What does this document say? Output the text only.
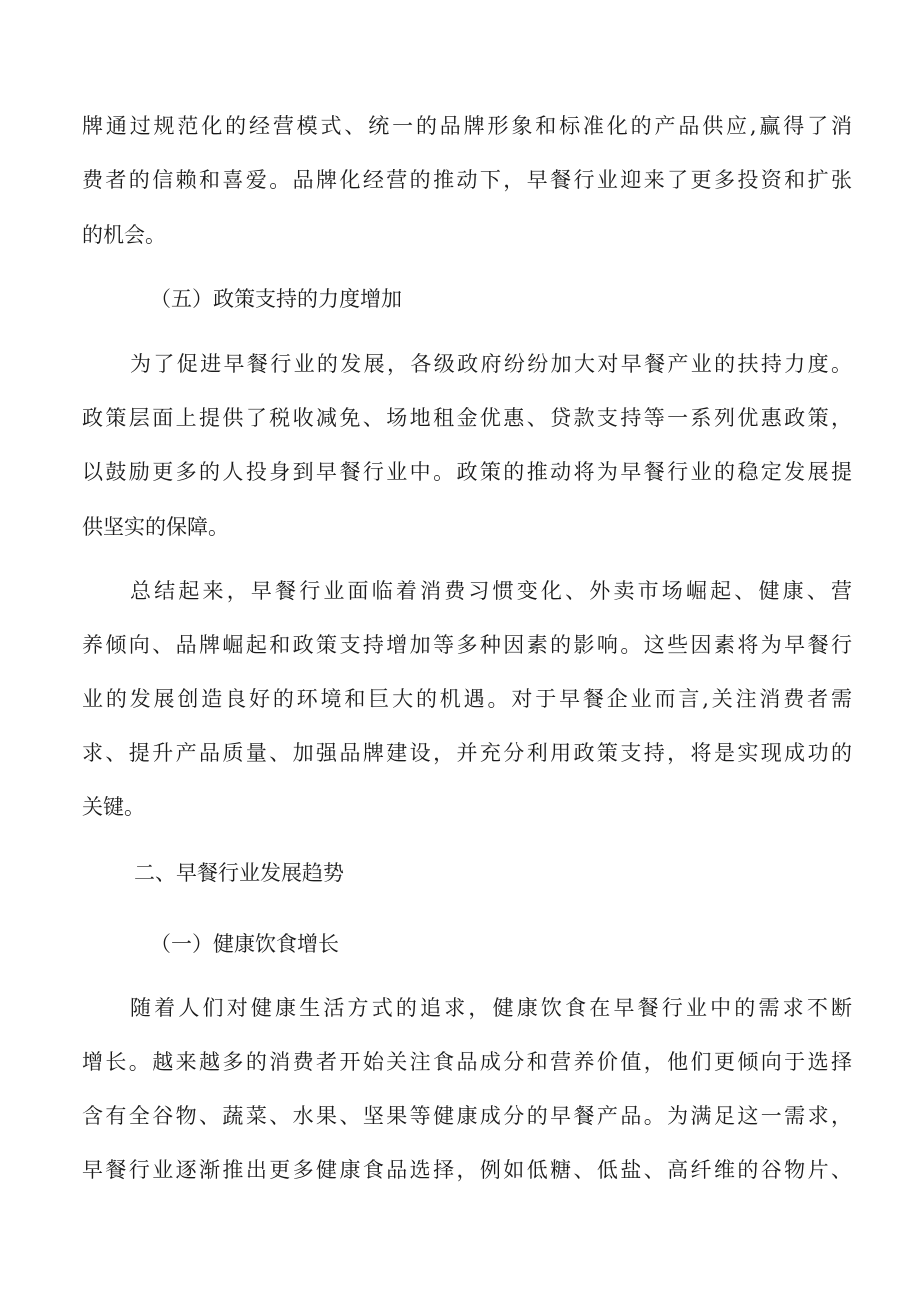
牌通过规范化的经营模式、统一的品牌形象和标准化的产品供应,赢得了消
费者的信赖和喜爱。品牌化经营的推动下，早餐行业迎来了更多投资和扩张
的机会。
（五）政策支持的力度增加
为了促进早餐行业的发展，各级政府纷纷加大对早餐产业的扶持力度。
政策层面上提供了税收减免、场地租金优惠、贷款支持等一系列优惠政策，
以鼓励更多的人投身到早餐行业中。政策的推动将为早餐行业的稳定发展提
供坚实的保障。
总结起来，早餐行业面临着消费习惯变化、外卖市场崛起、健康、营
养倾向、品牌崛起和政策支持增加等多种因素的影响。这些因素将为早餐行
业的发展创造良好的环境和巨大的机遇。对于早餐企业而言,关注消费者需
求、提升产品质量、加强品牌建设，并充分利用政策支持，将是实现成功的
关键。
二、早餐行业发展趋势
（一）健康饮食增长
随着人们对健康生活方式的追求，健康饮食在早餐行业中的需求不断
增长。越来越多的消费者开始关注食品成分和营养价值，他们更倾向于选择
含有全谷物、蔬菜、水果、坚果等健康成分的早餐产品。为满足这一需求，
早餐行业逐渐推出更多健康食品选择，例如低糖、低盐、高纤维的谷物片、
